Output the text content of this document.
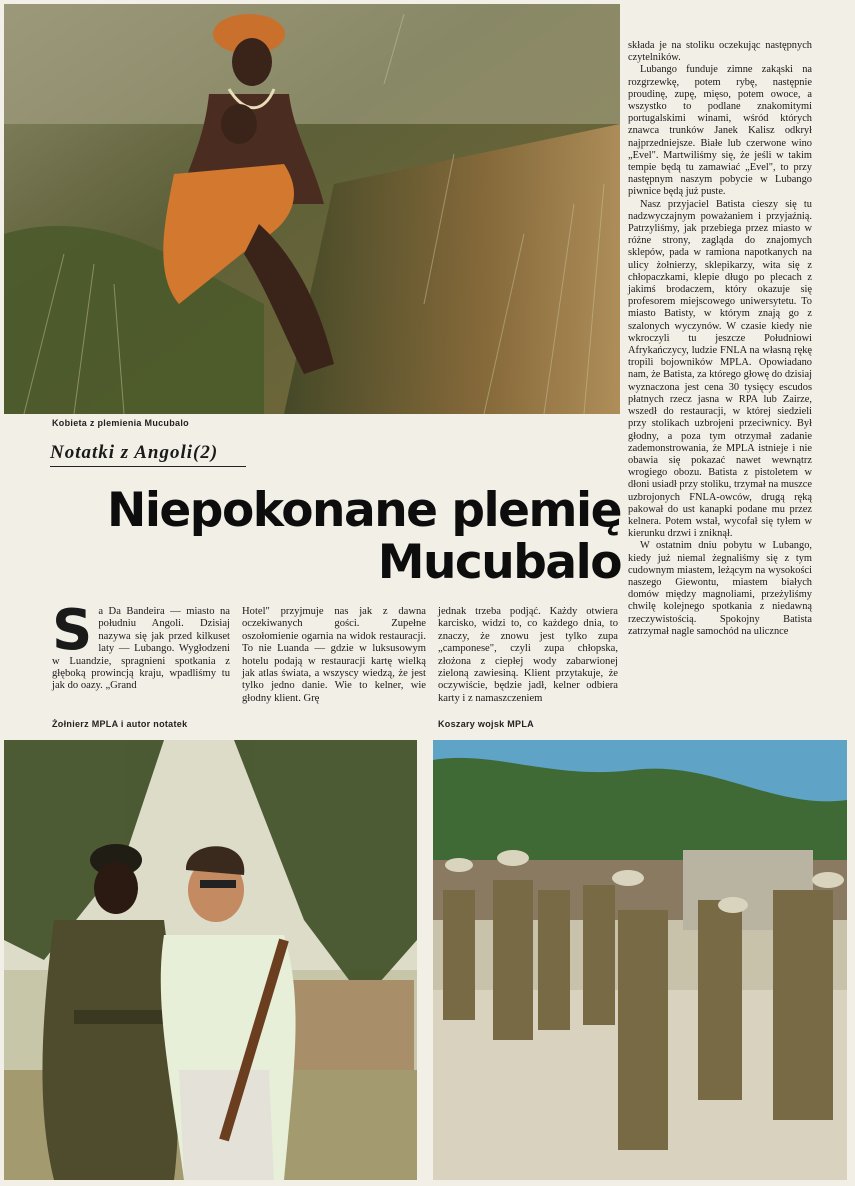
Kobieta z plemienia Mucubalo
Notatki z Angoli(2)
Niepokonane plemię
Mucubalo
S a Da Bandeira — miasto na południu Angoli. Dzisiaj nazywa się jak przed kilkuset laty — Lubango. Wygłodzeni w Luandzie, spragnieni spotkania z głęboką prowincją kraju, wpadliśmy tu jak do oazy. „Grand

Hotel" przyjmuje nas jak z dawna oczekiwanych gości. Zupełne oszołomienie ogarnia na widok restauracji. To nie Luanda — gdzie w luksusowym hotelu podają w restauracji kartę wielką jak atlas świata, a wszyscy wiedzą, że jest tylko jedno danie. Wie to kelner, wie głodny klient. Grę

jednak trzeba podjąć. Każdy otwiera karcisko, widzi to, co każdego dnia, to znaczy, że znowu jest tylko zupa „camponese", czyli zupa chłopska, złożona z ciepłej wody zabarwionej zieloną zawiesiną. Klient przytakuje, że oczywiście, będzie jadł, kelner odbiera karty i z namaszczeniem

składa je na stoliku oczekując następnych czytelników.

Lubango funduje zimne zakąski na rozgrzewkę, potem rybę, następnie proudinę, zupę, mięso, potem owoce, a wszystko to podlane znakomitymi portugalskimi winami, wśród których znawca trunków Janek Kalisz odkrył najprzedniejsze. Białe lub czerwone wino „Evel". Martwiliśmy się, że jeśli w takim tempie będą tu zamawiać „Evel", to przy następnym naszym pobycie w Lubango piwnice będą już puste.

Nasz przyjaciel Batista cieszy się tu nadzwyczajnym poważaniem i przyjaźnią. Patrzyliśmy, jak przebiega przez miasto w różne strony, zagląda do znajomych sklepów, pada w ramiona napotkanych na ulicy żołnierzy, sklepikarzy, wita się z chłopaczkami, klepie długo po plecach z jakimś brodaczem, który okazuje się profesorem miejscowego uniwersytetu. To miasto Batisty, w którym znają go z szalonych wyczynów. W czasie kiedy nie wkroczyli tu jeszcze Południowi Afrykańczycy, ludzie FNLA na własną rękę tropili bojowników MPLA. Opowiadano nam, że Batista, za którego głowę do dzisiaj wyznaczona jest cena 30 tysięcy escudos płatnych rzecz jasna w RPA lub Zairze, wszedł do restauracji, w której siedzieli przy stolikach uzbrojeni przeciwnicy. Był głodny, a poza tym otrzymał zadanie zademonstrowania, że MPLA istnieje i nie obawia się pokazać nawet wewnątrz wrogiego obozu. Batista z pistoletem w dłoni usiadł przy stoliku, trzymał na muszce uzbrojonych FNLA-owców, drugą ręką pakował do ust kanapki podane mu przez kelnera. Potem wstał, wycofał się tyłem w kierunku drzwi i zniknął.

W ostatnim dniu pobytu w Lubango, kiedy już niemal żegnaliśmy się z tym cudownym miastem, leżącym na wysokości naszego Giewontu, miastem białych domów między magnoliami, przeżyliśmy chwilę kolejnego spotkania z niedawną rzeczywistością. Spokojny Batista zatrzymał nagle samochód na ulicznce

Żołnierz MPLA i autor notatek	Koszary wojsk MPLA
